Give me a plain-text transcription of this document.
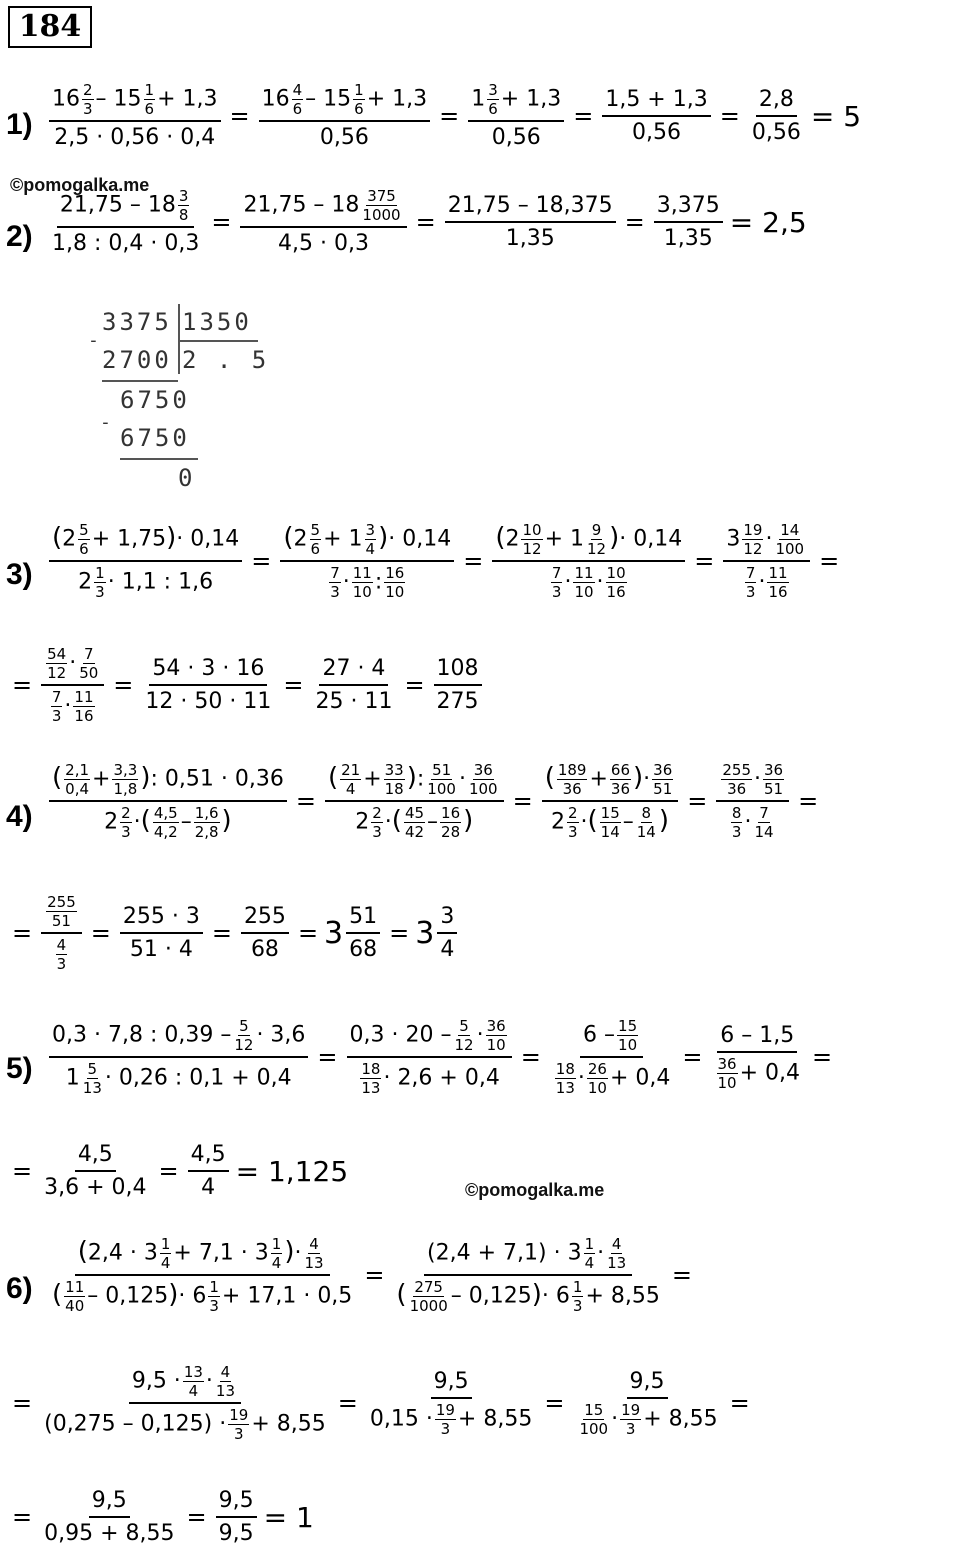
184
©pomogalka.me
©pomogalka.me
$1) \frac{16 \frac{2}{3} - 15 \frac{1}{6} + 1,3}{2,5 \cdot 0,56 \cdot 0,4} = \frac{16 \frac{4}{6} - 15 \frac{1}{6} + 1,3}{0,56} = \frac{1 \frac{3}{6} + 1,3}{0,56} = \frac{1,5 + 1,3}{0,56} = \frac{2,8}{0,56} = 5$
$2) \frac{21,75 - 18 \frac{3}{8}}{1,8 : 0,4 \cdot 0,3} = \frac{21,75 - 18 \frac{375}{1000}}{4,5 \cdot 0,3} = \frac{21,75 - 18,375}{1,35} = \frac{3,375}{1,35} = 2,5$
3375 1350
-
2700 2 . 5
6750
-
6750
0
$3) \frac{(2 \frac{5}{6} + 1,75)\cdot 0,14}{2 \frac{1}{3} \cdot 1,1 : 1,6} = \frac{(2 \frac{5}{6} + 1 \frac{3}{4} )\cdot 0,14}{\frac{7}{3} \cdot \frac{11}{10} : \frac{16}{10}} = \frac{(2 \frac{10}{12} + 1 \frac{9}{12} )\cdot 0,14}{\frac{7}{3} \cdot \frac{11}{10} \cdot \frac{10}{16}} = \frac{3 \frac{19}{12} \cdot \frac{14}{100}}{\frac{7}{3} \cdot \frac{11}{16}}$ =
= $\frac{\frac{54}{12} \cdot \frac{7}{50}}{\frac{7}{3} \cdot \frac{11}{16}} = \frac{54 \cdot 3 \cdot 16}{12 \cdot 50 \cdot 11} = \frac{27 \cdot 4}{25 \cdot 11} = \frac{108}{275}$
$4) \frac{( \frac{2,1}{0,4} + \frac{3,3}{1,8} ): 0,51 \cdot 0,36}{2 \frac{2}{3} \cdot( \frac{4,5}{4,2} - \frac{1,6}{2,8} )} = \frac{( \frac{21}{4} + \frac{33}{18} ): \frac{51}{100} \cdot \frac{36}{100}}{2 \frac{2}{3} \cdot( \frac{45}{42} - \frac{16}{28} )} = \frac{( \frac{189}{36} + \frac{66}{36} )\cdot \frac{36}{51}}{2 \frac{2}{3} \cdot( \frac{15}{14} - \frac{8}{14} )} = \frac{\frac{255}{36} \cdot \frac{36}{51}}{\frac{8}{3} \cdot \frac{7}{14}}$ =
= $\frac{\frac{255}{51}}{\frac{4}{3}} = \frac{255 \cdot 3}{51 \cdot 4} = \frac{255}{68} = 3 \frac{51}{68} = 3 \frac{3}{4}$
$5) \frac{0,3 \cdot 7,8 : 0,39 - \frac{5}{12} \cdot 3,6}{1 \frac{5}{13} \cdot 0,26 : 0,1 + 0,4} = \frac{0,3 \cdot 20 - \frac{5}{12} \cdot \frac{36}{10}}{\frac{18}{13} \cdot 2,6 + 0,4} = \frac{6 - \frac{15}{10}}{\frac{18}{13} \cdot \frac{26}{10} + 0,4} = \frac{6 - 1,5}{\frac{36}{10} + 0,4}$ =
= $\frac{4,5}{3,6 + 0,4} = \frac{4,5}{4} = 1,125$
$6) \frac{(2,4 \cdot 3 \frac{1}{4} + 7,1 \cdot 3 \frac{1}{4} )\cdot \frac{4}{13}}{( \frac{11}{40} - 0,125)\cdot 6 \frac{1}{3} + 17,1 \cdot 0,5} = \frac{(2,4 + 7,1) \cdot 3 \frac{1}{4} \cdot \frac{4}{13}}{( \frac{275}{1000} - 0,125)\cdot 6 \frac{1}{3} + 8,55}$ =
= $\frac{9,5 \cdot \frac{13}{4} \cdot \frac{4}{13}}{(0,275 - 0,125) \cdot \frac{19}{3} + 8,55} = \frac{9,5}{0,15 \cdot \frac{19}{3} + 8,55} = \frac{9,5}{\frac{15}{100} \cdot \frac{19}{3} + 8,55}$ =
= $\frac{9,5}{0,95 + 8,55} = \frac{9,5}{9,5} = 1$
